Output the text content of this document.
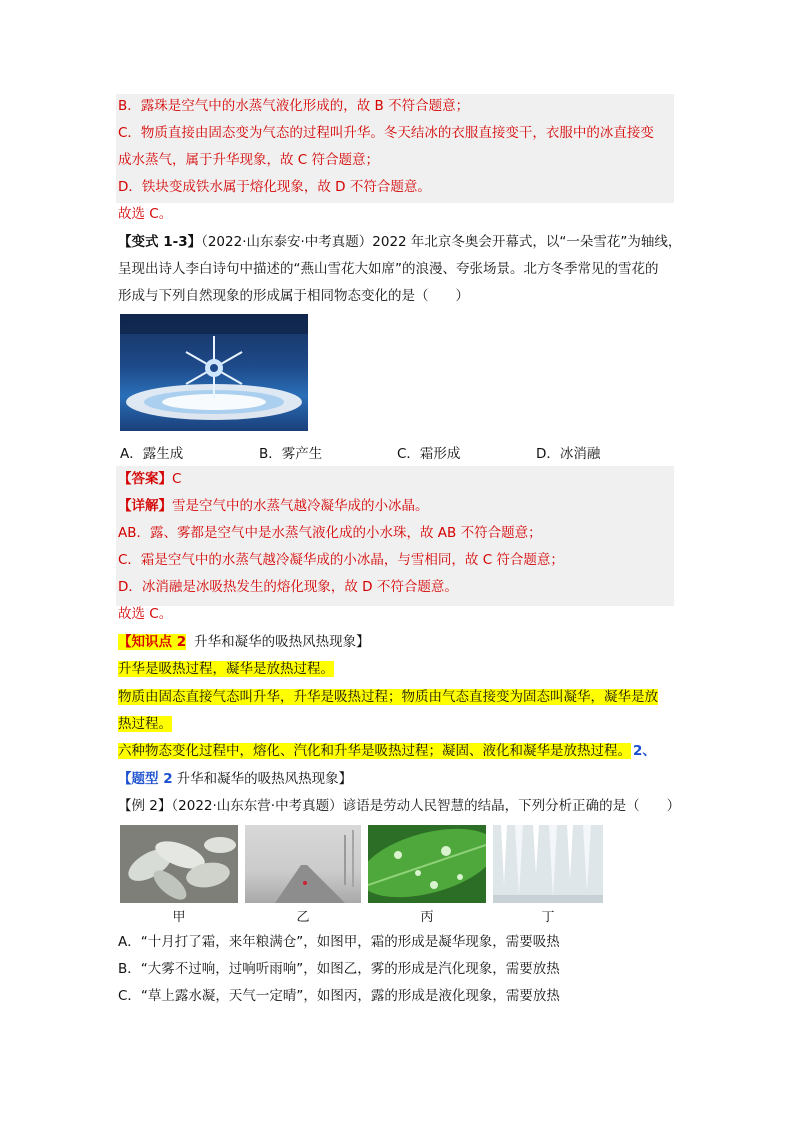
B．露珠是空气中的水蒸气液化形成的，故 B 不符合题意；
C．物质直接由固态变为气态的过程叫升华。冬天结冰的衣服直接变干，衣服中的冰直接变
成水蒸气，属于升华现象，故 C 符合题意；
D．铁块变成铁水属于熔化现象，故 D 不符合题意。
故选 C。
【变式 1-3】（2022·山东泰安·中考真题）2022 年北京冬奥会开幕式，以“一朵雪花”为轴线，
呈现出诗人李白诗句中描述的“燕山雪花大如席”的浪漫、夸张场景。北方冬季常见的雪花的
形成与下列自然现象的形成属于相同物态变化的是（　　）
A．露生成	B．雾产生	C．霜形成	D．冰消融
【答案】C
【详解】雪是空气中的水蒸气越冷凝华成的小冰晶。
AB．露、雾都是空气中是水蒸气液化成的小水珠，故 AB 不符合题意；
C．霜是空气中的水蒸气越冷凝华成的小冰晶，与雪相同，故 C 符合题意；
D．冰消融是冰吸热发生的熔化现象，故 D 不符合题意。
故选 C。
【知识点 2 升华和凝华的吸热风热现象】
升华是吸热过程，凝华是放热过程。
物质由固态直接气态叫升华，升华是吸热过程；物质由气态直接变为固态叫凝华，凝华是放
热过程。
六种物态变化过程中，熔化、汽化和升华是吸热过程；凝固、液化和凝华是放热过程。 2、
【题型 2 升华和凝华的吸热风热现象】
【例 2】（2022·山东东营·中考真题）谚语是劳动人民智慧的结晶，下列分析正确的是（　　）
甲	乙	丙	丁
A．“十月打了霜，来年粮满仓”，如图甲，霜的形成是凝华现象，需要吸热
B．“大雾不过响，过响听雨响”，如图乙，雾的形成是汽化现象，需要放热
C．“草上露水凝，天气一定晴”，如图丙，露的形成是液化现象，需要放热
